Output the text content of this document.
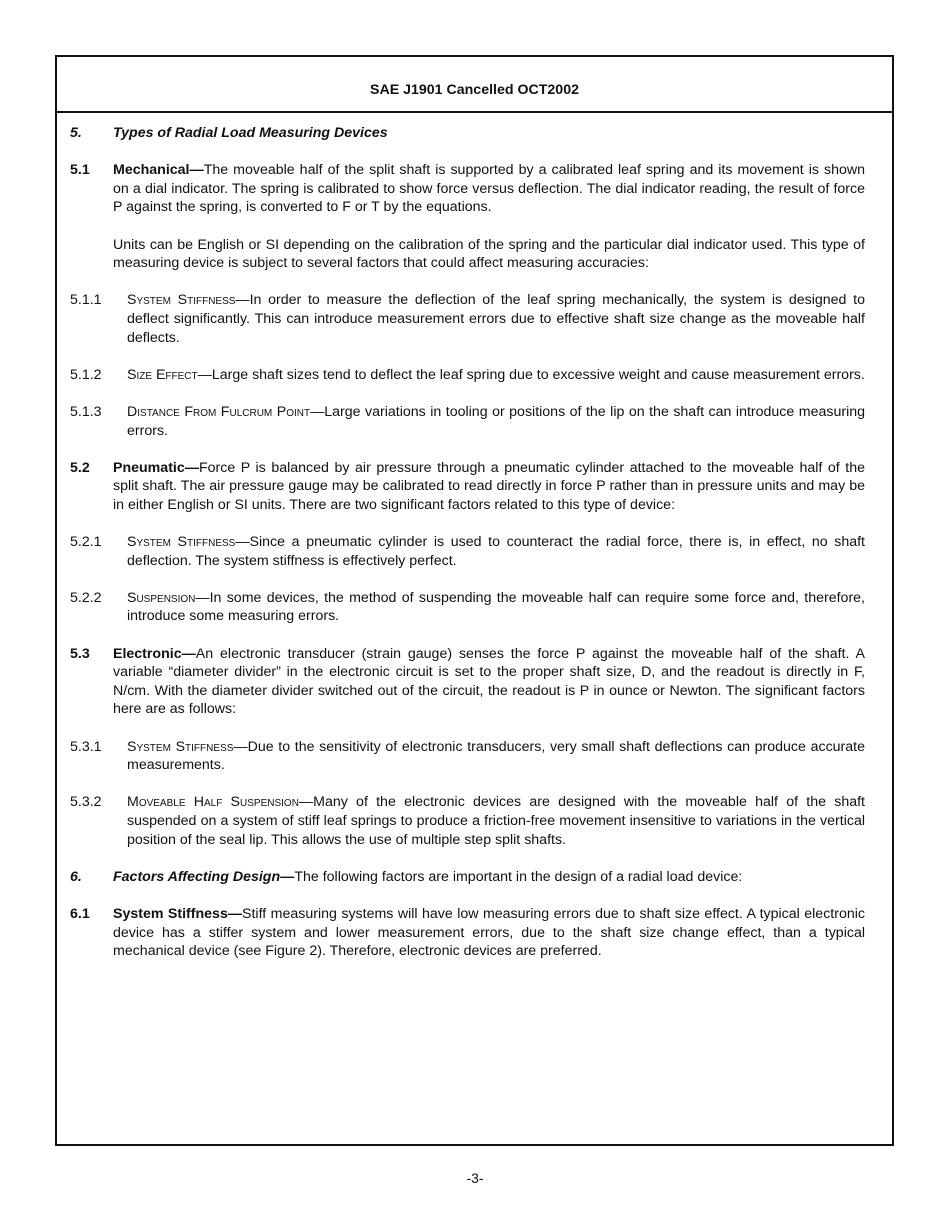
SAE J1901 Cancelled OCT2002
5. Types of Radial Load Measuring Devices
5.1 Mechanical—The moveable half of the split shaft is supported by a calibrated leaf spring and its movement is shown on a dial indicator. The spring is calibrated to show force versus deflection. The dial indicator reading, the result of force P against the spring, is converted to F or T by the equations.
Units can be English or SI depending on the calibration of the spring and the particular dial indicator used. This type of measuring device is subject to several factors that could affect measuring accuracies:
5.1.1 System Stiffness—In order to measure the deflection of the leaf spring mechanically, the system is designed to deflect significantly. This can introduce measurement errors due to effective shaft size change as the moveable half deflects.
5.1.2 Size Effect—Large shaft sizes tend to deflect the leaf spring due to excessive weight and cause measurement errors.
5.1.3 Distance From Fulcrum Point—Large variations in tooling or positions of the lip on the shaft can introduce measuring errors.
5.2 Pneumatic—Force P is balanced by air pressure through a pneumatic cylinder attached to the moveable half of the split shaft. The air pressure gauge may be calibrated to read directly in force P rather than in pressure units and may be in either English or SI units. There are two significant factors related to this type of device:
5.2.1 System Stiffness—Since a pneumatic cylinder is used to counteract the radial force, there is, in effect, no shaft deflection. The system stiffness is effectively perfect.
5.2.2 Suspension—In some devices, the method of suspending the moveable half can require some force and, therefore, introduce some measuring errors.
5.3 Electronic—An electronic transducer (strain gauge) senses the force P against the moveable half of the shaft. A variable “diameter divider” in the electronic circuit is set to the proper shaft size, D, and the readout is directly in F, N/cm. With the diameter divider switched out of the circuit, the readout is P in ounce or Newton. The significant factors here are as follows:
5.3.1 System Stiffness—Due to the sensitivity of electronic transducers, very small shaft deflections can produce accurate measurements.
5.3.2 Moveable Half Suspension—Many of the electronic devices are designed with the moveable half of the shaft suspended on a system of stiff leaf springs to produce a friction-free movement insensitive to variations in the vertical position of the seal lip. This allows the use of multiple step split shafts.
6. Factors Affecting Design—The following factors are important in the design of a radial load device:
6.1 System Stiffness—Stiff measuring systems will have low measuring errors due to shaft size effect. A typical electronic device has a stiffer system and lower measurement errors, due to the shaft size change effect, than a typical mechanical device (see Figure 2). Therefore, electronic devices are preferred.
-3-
